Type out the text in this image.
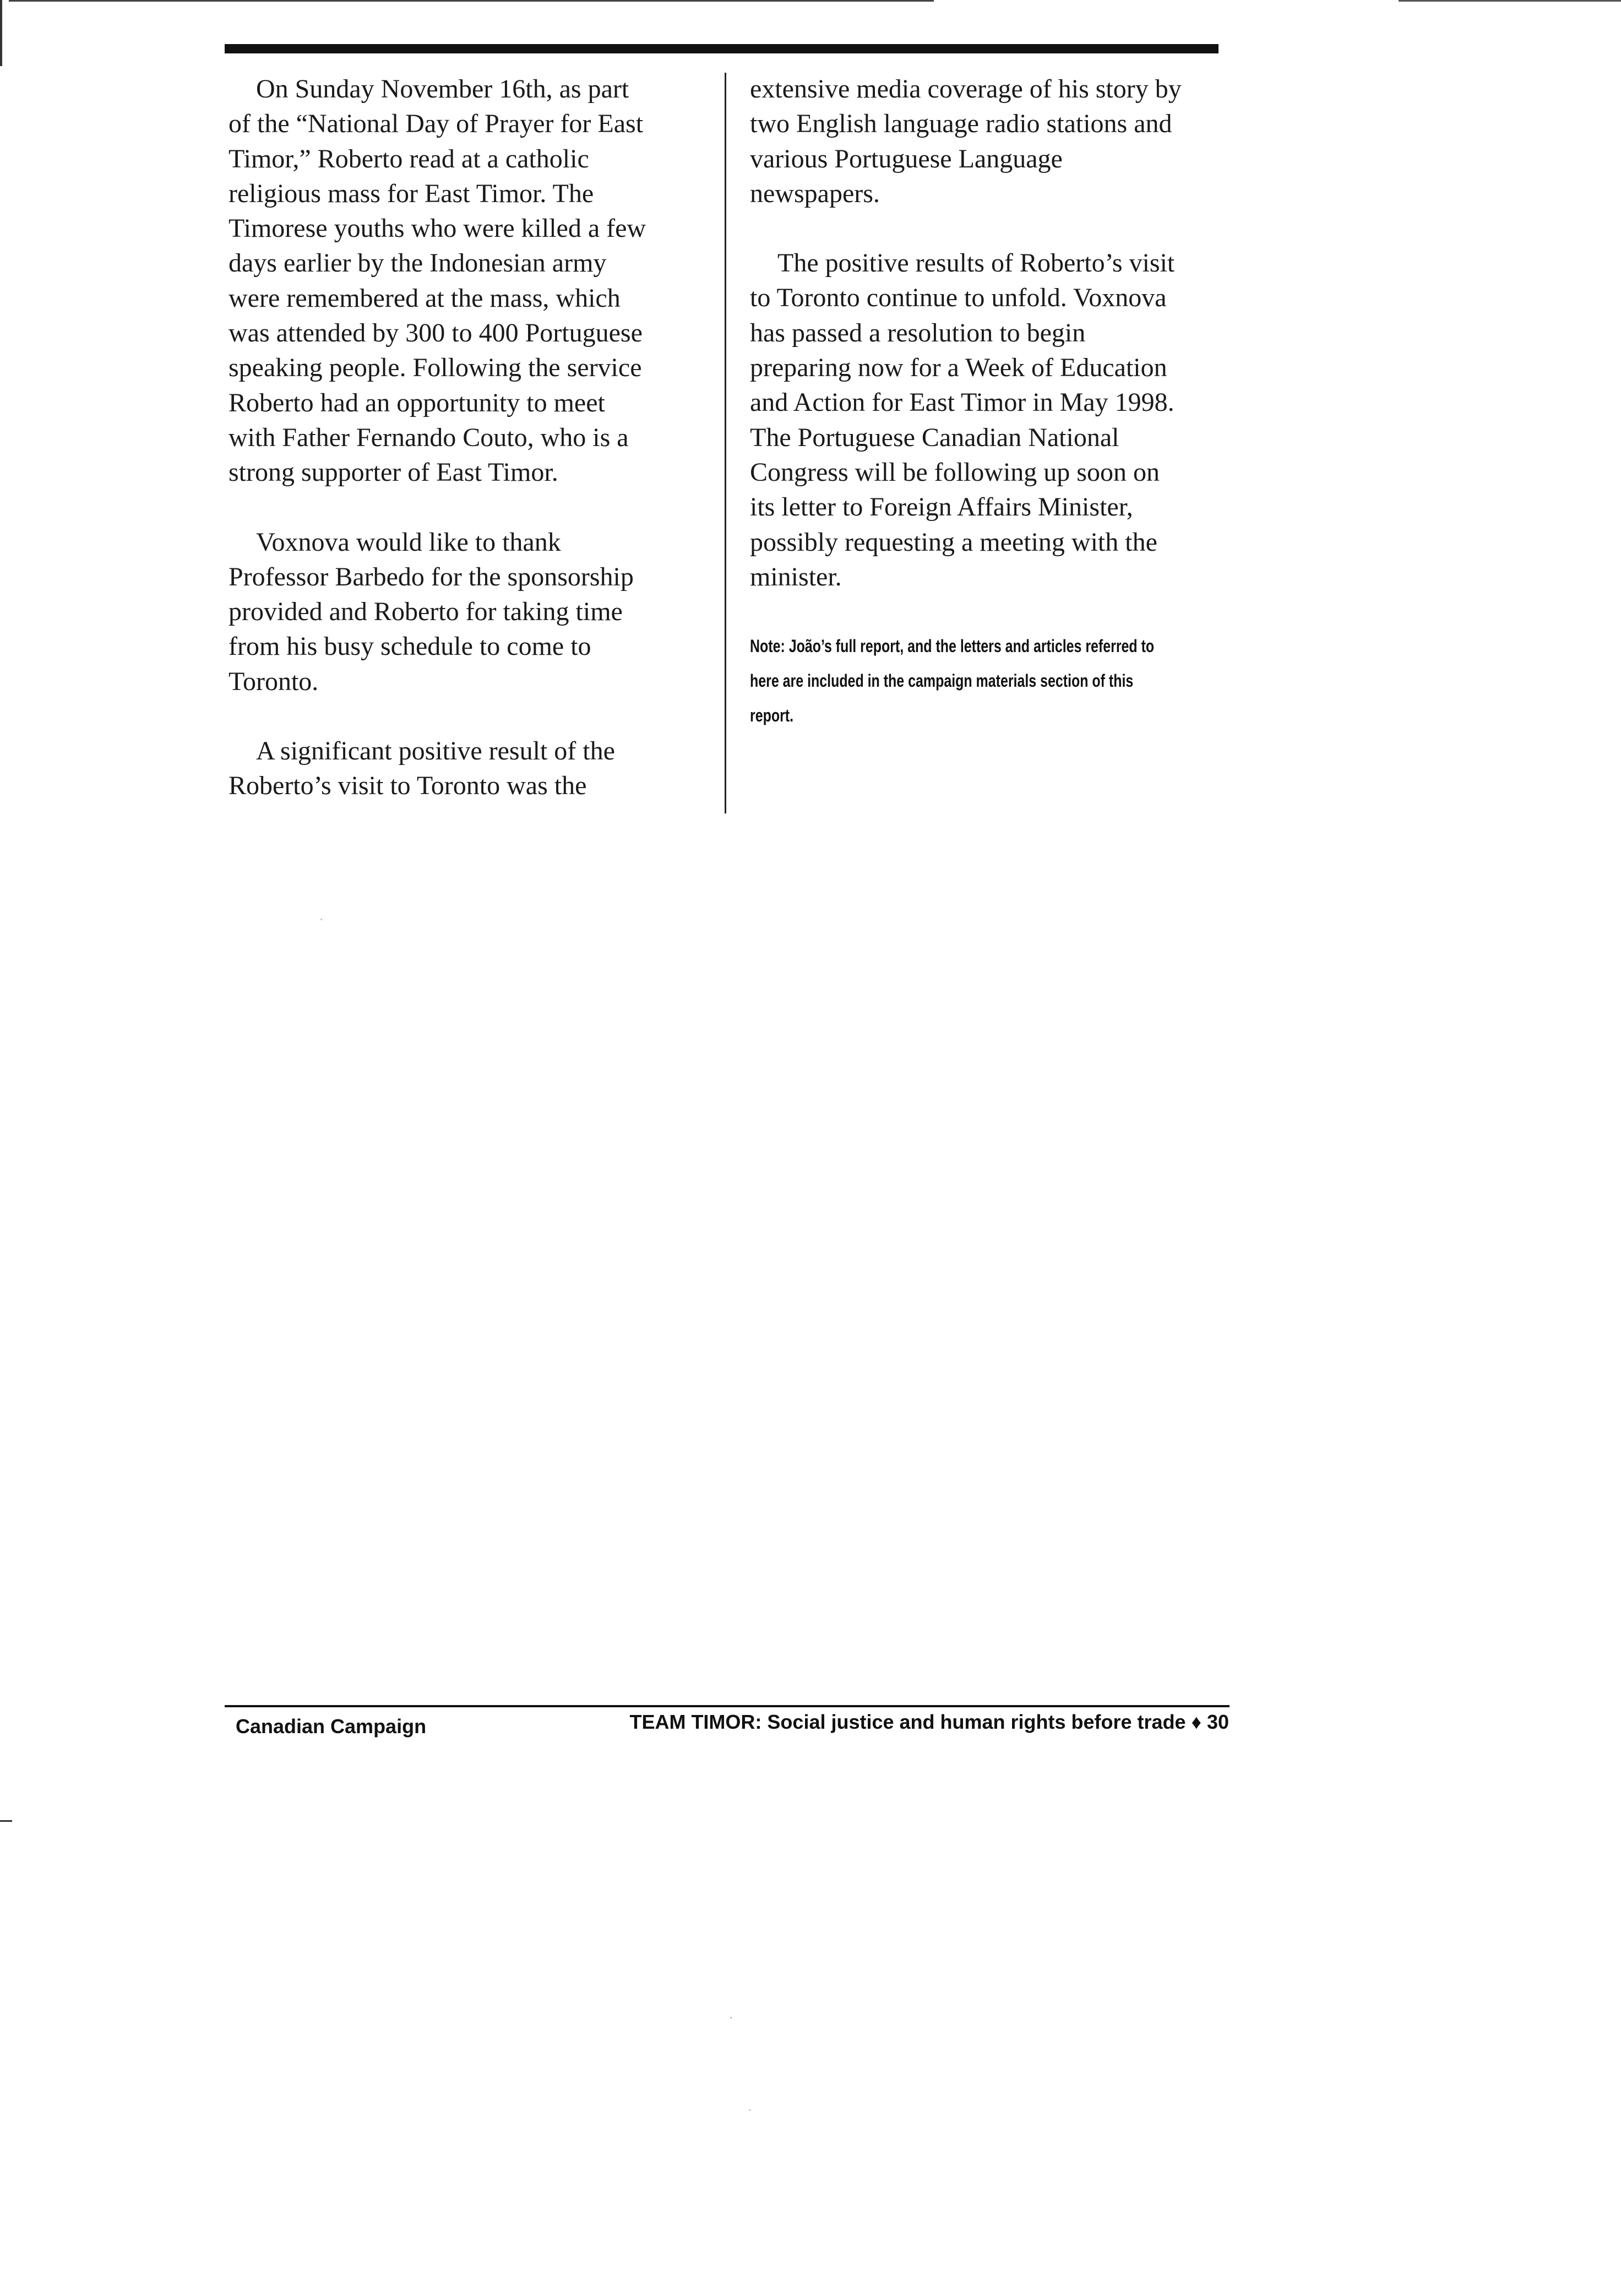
On Sunday November 16th, as part
of the “National Day of Prayer for East
Timor,” Roberto read at a catholic
religious mass for East Timor. The
Timorese youths who were killed a few
days earlier by the Indonesian army
were remembered at the mass, which
was attended by 300 to 400 Portuguese
speaking people. Following the service
Roberto had an opportunity to meet
with Father Fernando Couto, who is a
strong supporter of East Timor.

Voxnova would like to thank
Professor Barbedo for the sponsorship
provided and Roberto for taking time
from his busy schedule to come to
Toronto.

A significant positive result of the
Roberto’s visit to Toronto was the

extensive media coverage of his story by
two English language radio stations and
various Portuguese Language
newspapers.

The positive results of Roberto’s visit
to Toronto continue to unfold. Voxnova
has passed a resolution to begin
preparing now for a Week of Education
and Action for East Timor in May 1998.
The Portuguese Canadian National
Congress will be following up soon on
its letter to Foreign Affairs Minister,
possibly requesting a meeting with the
minister.

Note: João’s full report, and the letters and articles referred to
here are included in the campaign materials section of this
report.
Canadian Campaign	TEAM TIMOR: Social justice and human rights before trade ♦ 30
